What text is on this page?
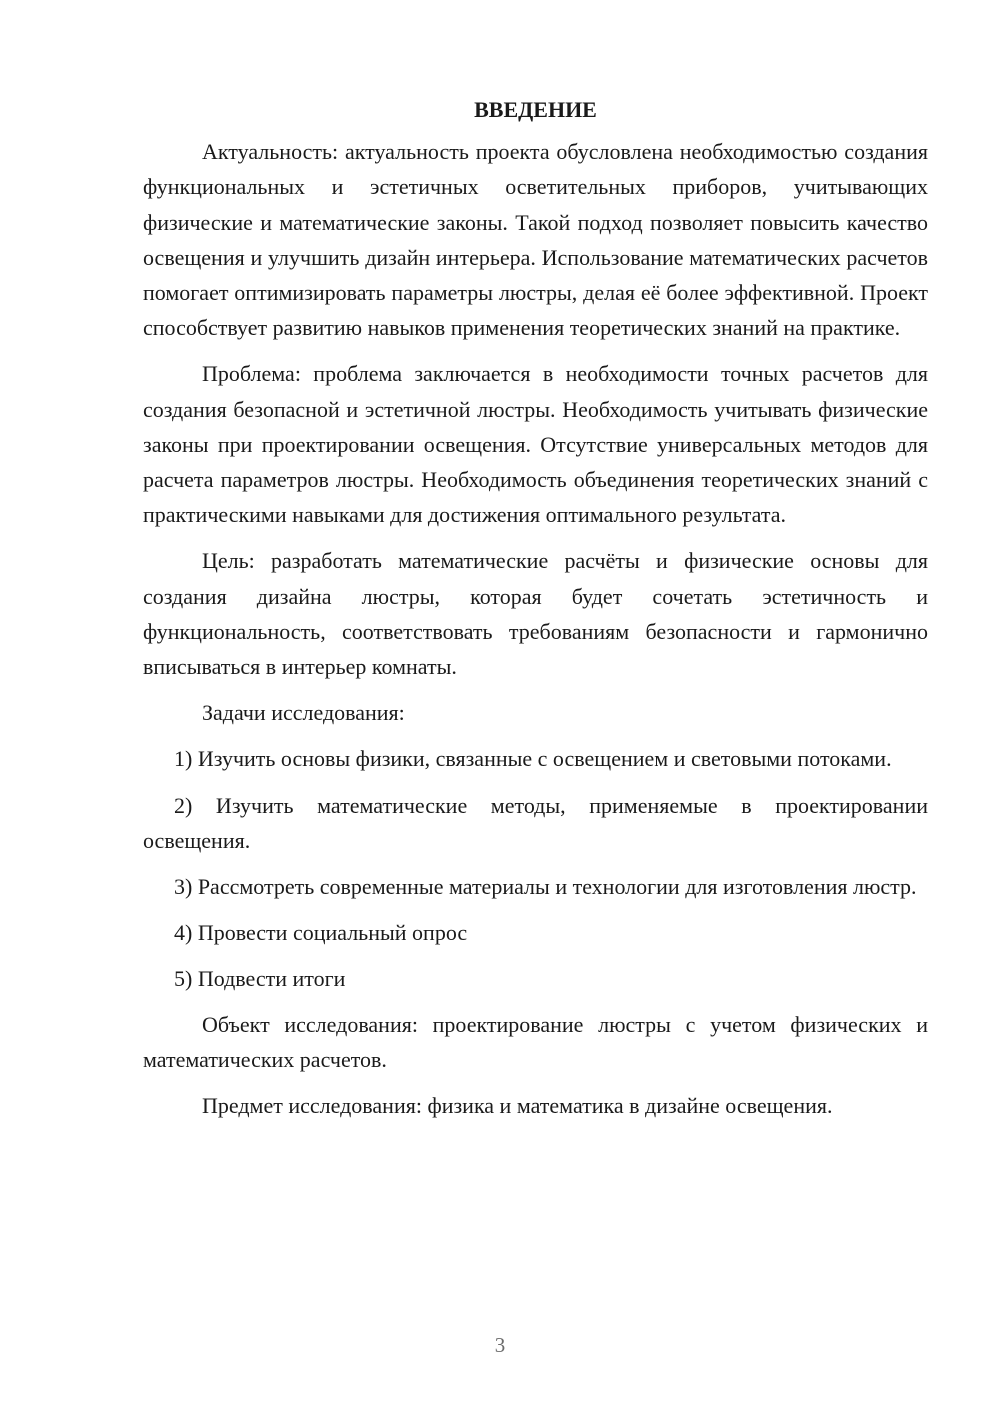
ВВЕДЕНИЕ

Актуальность: актуальность проекта обусловлена необходимостью создания функциональных и эстетичных осветительных приборов, учитывающих физические и математические законы. Такой подход позволяет повысить качество освещения и улучшить дизайн интерьера. Использование математических расчетов помогает оптимизировать параметры люстры, делая её более эффективной. Проект способствует развитию навыков применения теоретических знаний на практике.

Проблема: проблема заключается в необходимости точных расчетов для создания безопасной и эстетичной люстры. Необходимость учитывать физические законы при проектировании освещения. Отсутствие универсальных методов для расчета параметров люстры. Необходимость объединения теоретических знаний с практическими навыками для достижения оптимального результата.

Цель: разработать математические расчёты и физические основы для создания дизайна люстры, которая будет сочетать эстетичность и функциональность, соответствовать требованиям безопасности и гармонично вписываться в интерьер комнаты.

Задачи исследования:

1) Изучить основы физики, связанные с освещением и световыми потоками.

2) Изучить математические методы, применяемые в проектировании освещения.

3) Рассмотреть современные материалы и технологии для изготовления люстр.

4) Провести социальный опрос

5) Подвести итоги

Объект исследования: проектирование люстры с учетом физических и математических расчетов.

Предмет исследования: физика и математика в дизайне освещения.

3
